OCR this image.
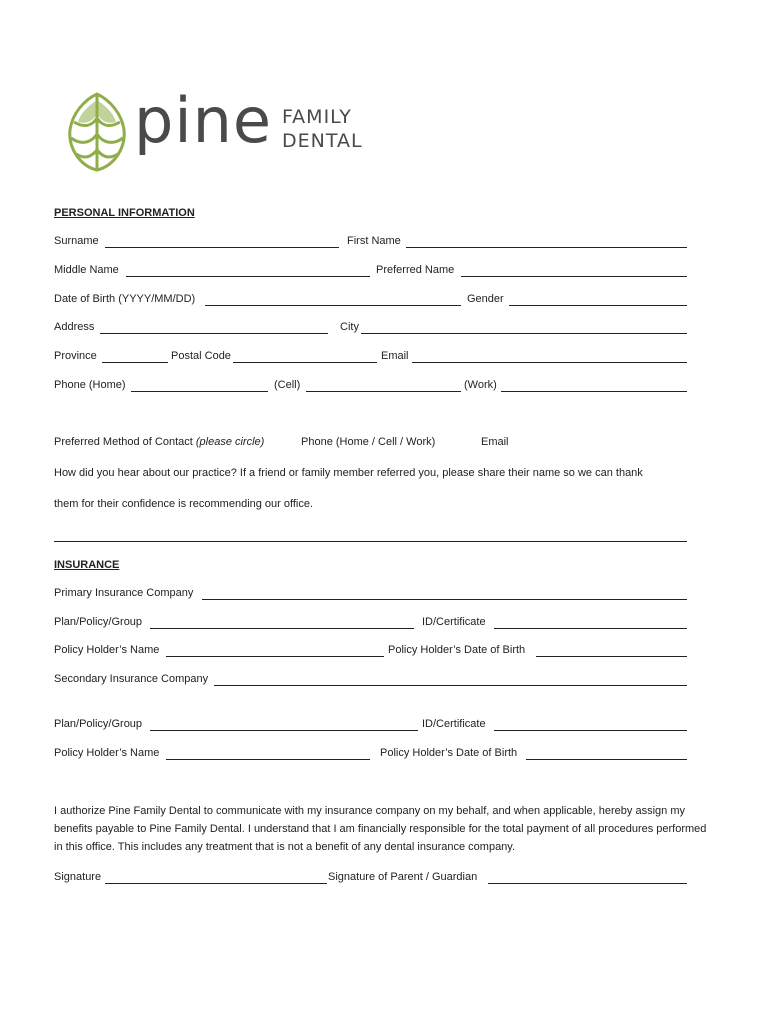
pine FAMILY
DENTAL
PERSONAL INFORMATION
Surname	First Name
Middle Name	Preferred Name
Date of Birth (YYYY/MM/DD)	Gender
Address	City
Province	Postal Code	Email
Phone (Home)	(Cell)	(Work)
Preferred Method of Contact (please circle)	Phone (Home / Cell / Work)	Email
How did you hear about our practice? If a friend or family member referred you, please share their name so we can thank
them for their confidence is recommending our office.
INSURANCE
Primary Insurance Company
Plan/Policy/Group	ID/Certificate
Policy Holder’s Name	Policy Holder’s Date of Birth
Secondary Insurance Company
Plan/Policy/Group	ID/Certificate
Policy Holder’s Name	Policy Holder’s Date of Birth
I authorize Pine Family Dental to communicate with my insurance company on my behalf, and when applicable, hereby assign my benefits payable to Pine Family Dental. I understand that I am financially responsible for the total payment of all procedures performed in this office. This includes any treatment that is not a benefit of any dental insurance company.
Signature	Signature of Parent / Guardian
